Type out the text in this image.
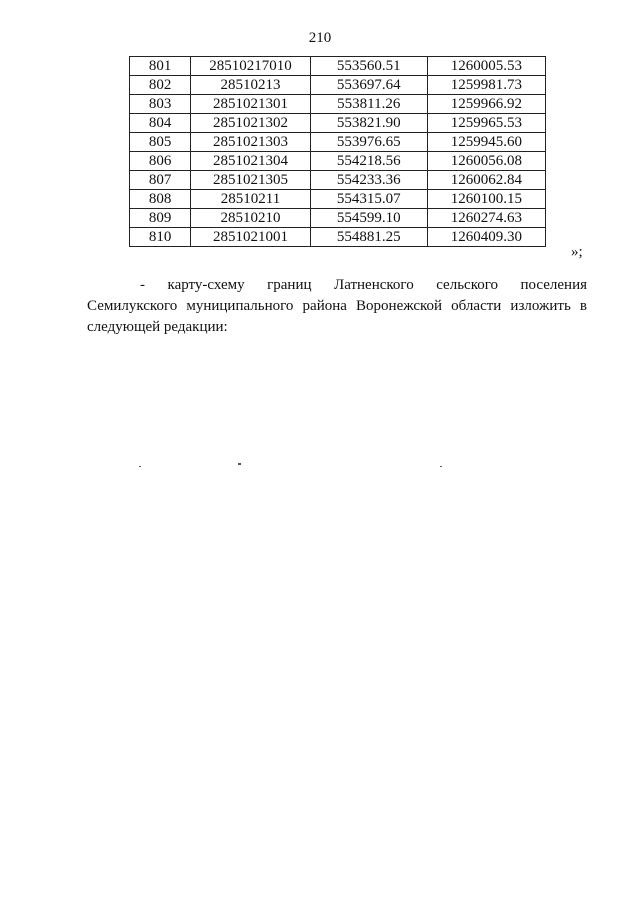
210
801	28510217010	553560.51	1260005.53
802	28510213	553697.64	1259981.73
803	2851021301	553811.26	1259966.92
804	2851021302	553821.90	1259965.53
805	2851021303	553976.65	1259945.60
806	2851021304	554218.56	1260056.08
807	2851021305	554233.36	1260062.84
808	28510211	554315.07	1260100.15
809	28510210	554599.10	1260274.63
810	2851021001	554881.25	1260409.30
»;
- карту-схему границ Латненского сельского поселения Семилукского муниципального района Воронежской области изложить в следующей редакции:
